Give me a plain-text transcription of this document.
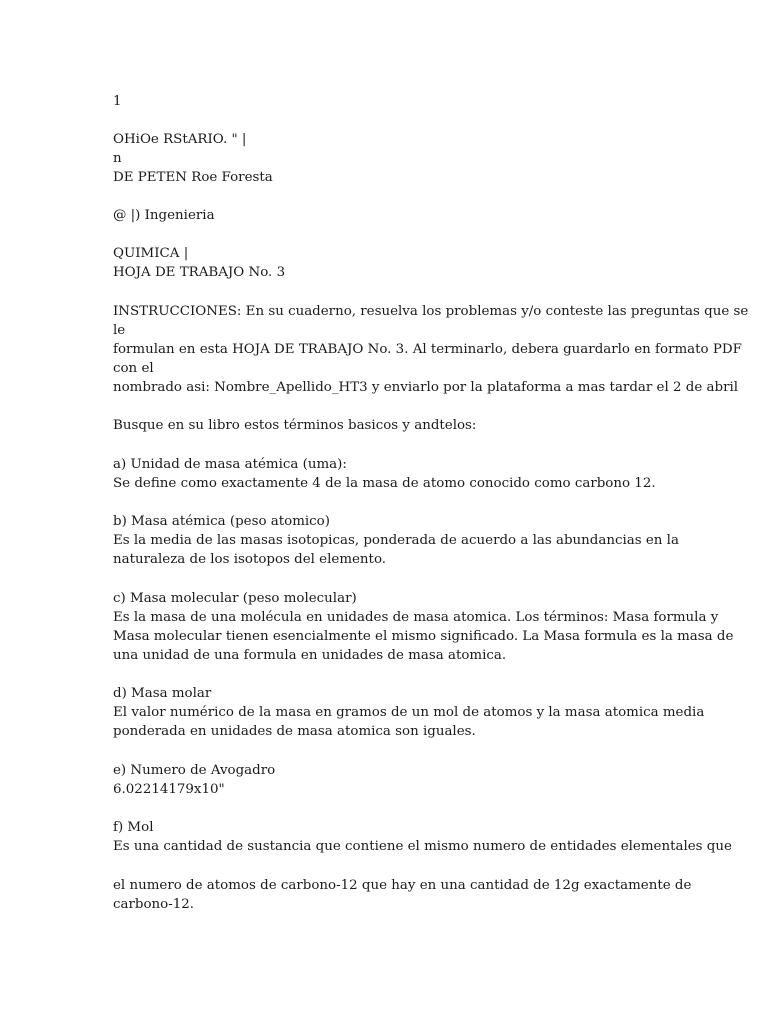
1
OHiOe RStARIO. " |
n
DE PETEN Roe Foresta
@ |) Ingenieria
QUIMICA |
HOJA DE TRABAJO No. 3
INSTRUCCIONES: En su cuaderno, resuelva los problemas y/o conteste las preguntas que se
le
formulan en esta HOJA DE TRABAJO No. 3. Al terminarlo, debera guardarlo en formato PDF
con el
nombrado asi: Nombre_Apellido_HT3 y enviarlo por la plataforma a mas tardar el 2 de abril
Busque en su libro estos términos basicos y andtelos:
a) Unidad de masa atémica (uma):
Se define como exactamente 4 de la masa de atomo conocido como carbono 12.
b) Masa atémica (peso atomico)
Es la media de las masas isotopicas, ponderada de acuerdo a las abundancias en la
naturaleza de los isotopos del elemento.
c) Masa molecular (peso molecular)
Es la masa de una molécula en unidades de masa atomica. Los términos: Masa formula y
Masa molecular tienen esencialmente el mismo significado. La Masa formula es la masa de
una unidad de una formula en unidades de masa atomica.
d) Masa molar
El valor numérico de la masa en gramos de un mol de atomos y la masa atomica media
ponderada en unidades de masa atomica son iguales.
e) Numero de Avogadro
6.02214179x10"
f) Mol
Es una cantidad de sustancia que contiene el mismo numero de entidades elementales que
el numero de atomos de carbono-12 que hay en una cantidad de 12g exactamente de
carbono-12.
